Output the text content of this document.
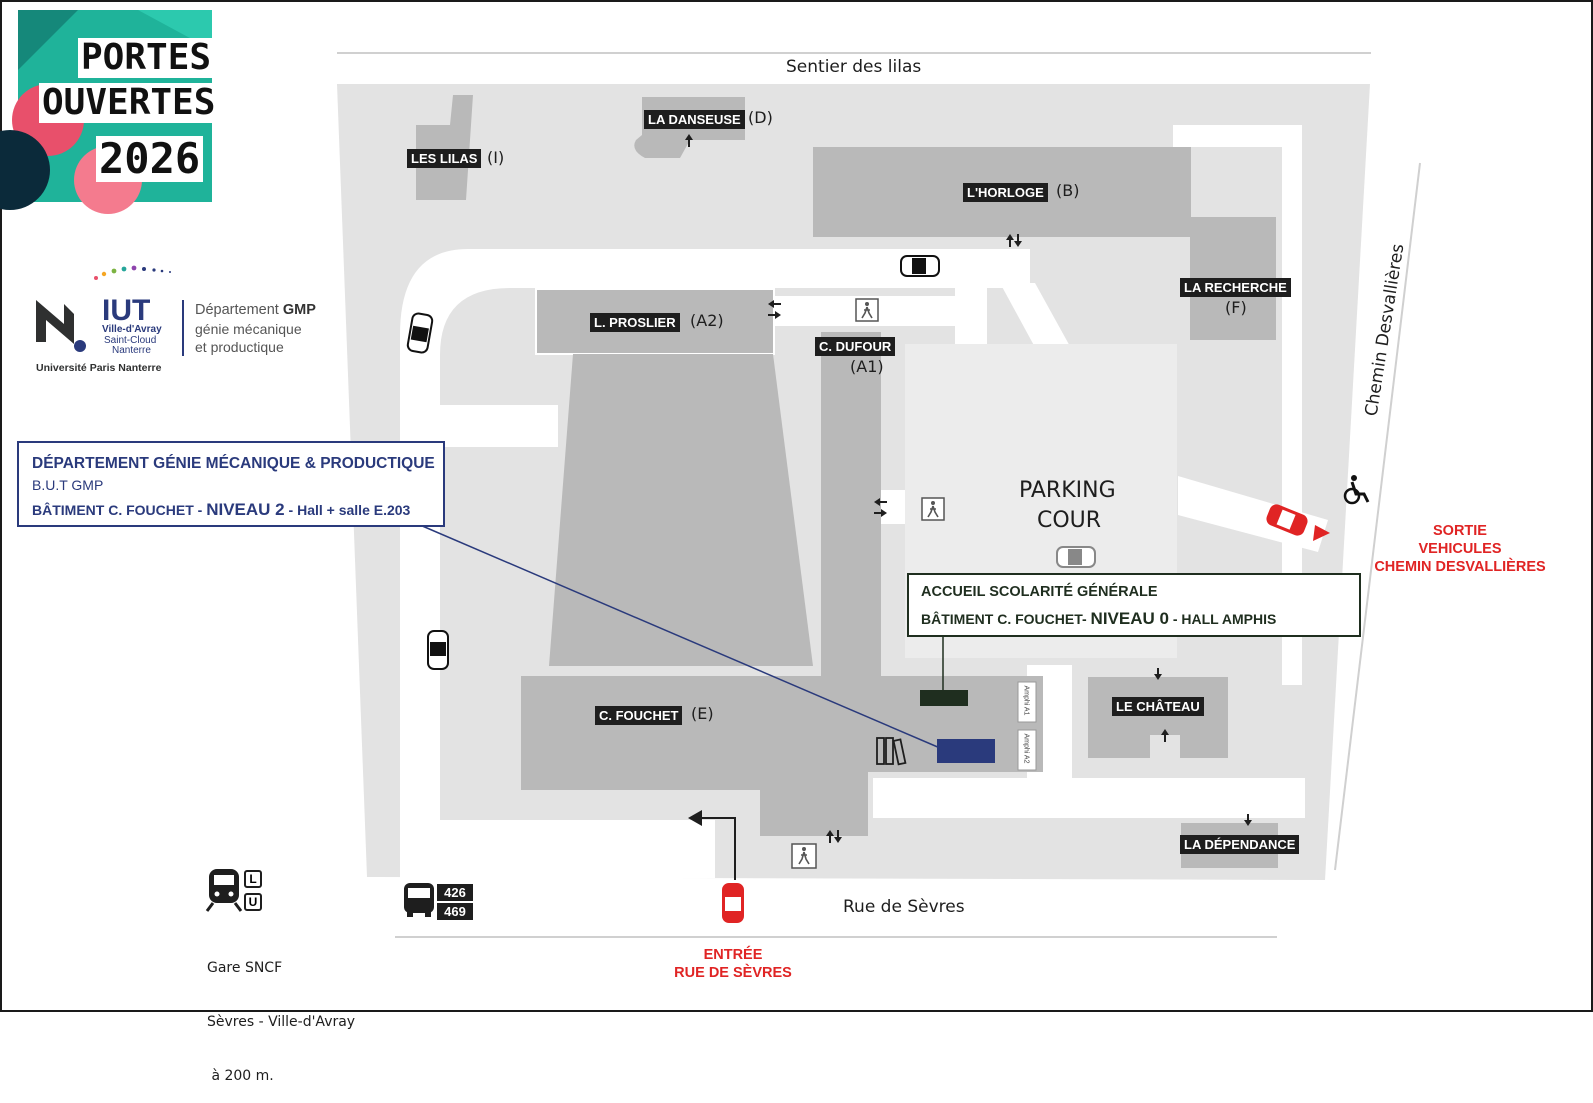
PORTES
OUVERTES
2026
IUT
Ville-d'Avray
Saint-Cloud
Nanterre
Université Paris Nanterre
Département GMP
génie mécanique
et productique
Sentier des lilas
Rue de Sèvres
Chemin Desvallières
LES LILAS (I)
LA DANSEUSE (D)
L'HORLOGE (B)
LA RECHERCHE
(F)
L. PROSLIER (A2)
C. DUFOUR
(A1)
C. FOUCHET (E)	LE CHÂTEAU
LA DÉPENDANCE
PARKING
COUR
Amphi A1
Amphi A2
DÉPARTEMENT GÉNIE MÉCANIQUE & PRODUCTIQUE
B.U.T GMP
BÂTIMENT C. FOUCHET - NIVEAU 2 - Hall + salle E.203
ACCUEIL SCOLARITÉ GÉNÉRALE
BÂTIMENT C. FOUCHET- NIVEAU 0 - HALL AMPHIS
SORTIE
VEHICULES
CHEMIN DESVALLIÈRES
ENTRÉE
RUE DE SÈVRES
L
U
426
469

Gare SNCF

Sèvres - Ville-d'Avray

à 200 m.
